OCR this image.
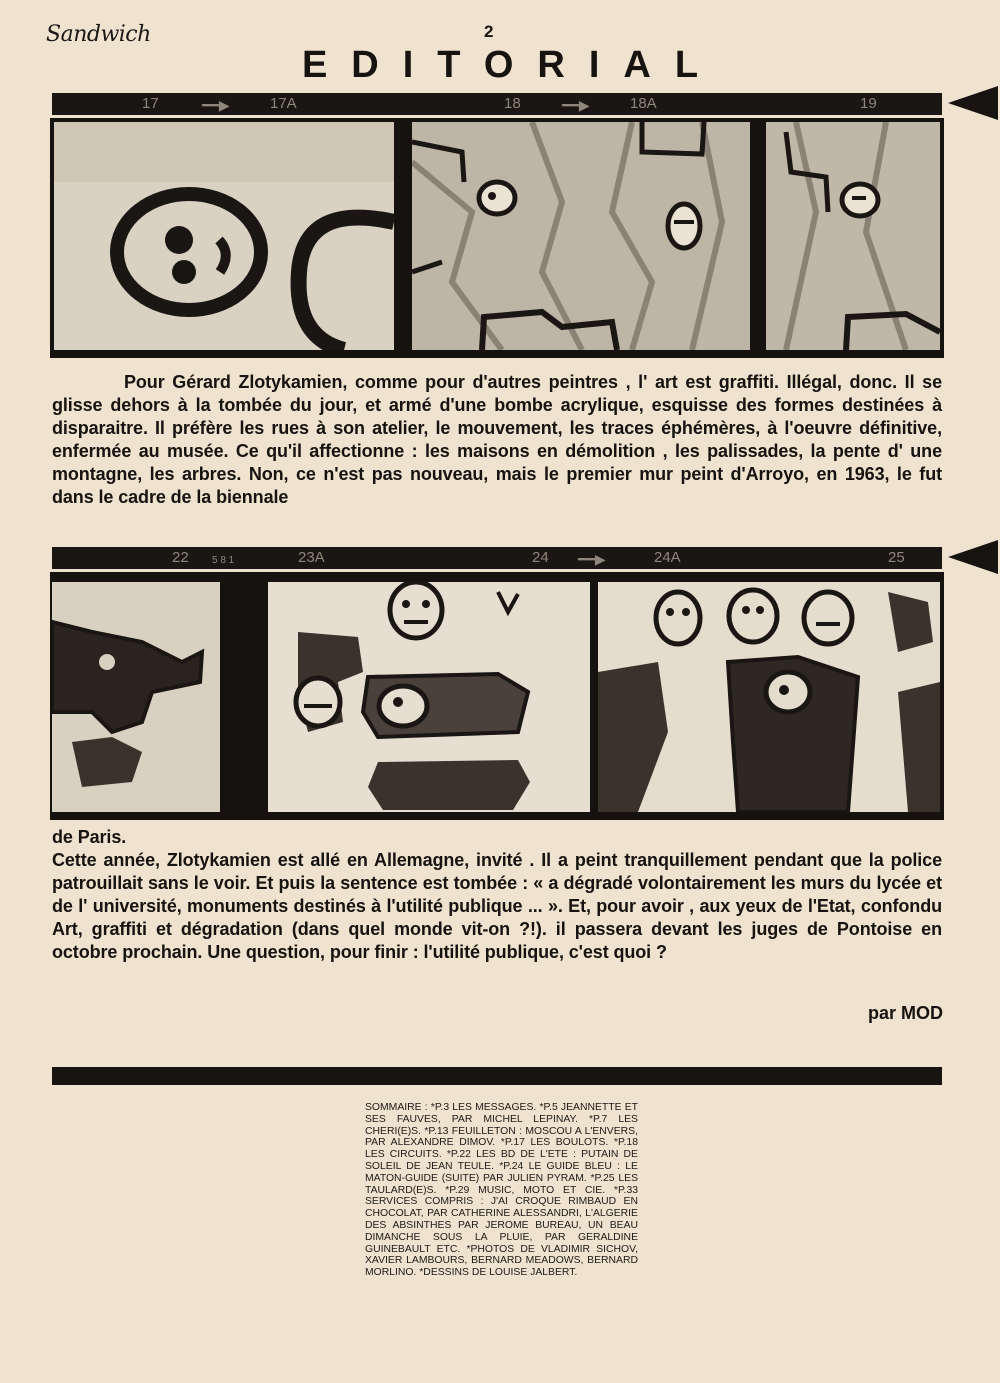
Sandwich	2
EDITORIAL
17	━━▶	17A	18	━━▶	18A	19

Pour Gérard Zlotykamien, comme pour d'autres peintres , l' art est graffiti. Illégal, donc. Il se glisse dehors à la tombée du jour, et armé d'une bombe acrylique, esquisse des formes destinées à disparaitre. Il préfère les rues à son atelier, le mouvement, les traces éphémères, à l'oeuvre définitive, enfermée au musée. Ce qu'il affectionne : les maisons en démolition , les palissades, la pente d' une montagne, les arbres. Non, ce n'est pas nouveau, mais le premier mur peint d'Arroyo, en 1963, le fut dans le cadre de la biennale

22 5 8 1	23A	24 ━━▶	24A	25

de Paris.

Cette année, Zlotykamien est allé en Allemagne, invité . Il a peint tranquillement pendant que la police patrouillait sans le voir. Et puis la sentence est tombée : « a dégradé volontairement les murs du lycée et de l' université, monuments destinés à l'utilité publique ... ». Et, pour avoir , aux yeux de l'Etat, confondu Art, graffiti et dégradation (dans quel monde vit-on ?!). il passera devant les juges de Pontoise en octobre prochain. Une question, pour finir : l'utilité publique, c'est quoi ?

par MOD
SOMMAIRE : *P.3 LES MESSAGES. *P.5 JEANNETTE ET SES FAUVES, PAR MICHEL LEPINAY. *P.7 LES CHERI(E)S. *P.13 FEUILLETON : MOSCOU A L'ENVERS, PAR ALEXANDRE DIMOV. *P.17 LES BOULOTS. *P.18 LES CIRCUITS. *P.22 LES BD DE L'ETE : PUTAIN DE SOLEIL DE JEAN TEULE. *P.24 LE GUIDE BLEU : LE MATON-GUIDE (SUITE) PAR JULIEN PYRAM. *P.25 LES TAULARD(E)S. *P.29 MUSIC, MOTO ET CIE. *P.33 SERVICES COMPRIS : J'AI CROQUE RIMBAUD EN CHOCOLAT, PAR CATHERINE ALESSANDRI, L'ALGERIE DES ABSINTHES PAR JEROME BUREAU, UN BEAU DIMANCHE SOUS LA PLUIE, PAR GERALDINE GUINEBAULT ETC. *PHOTOS DE VLADIMIR SICHOV, XAVIER LAMBOURS, BERNARD MEADOWS, BERNARD MORLINO. *DESSINS DE LOUISE JALBERT.
